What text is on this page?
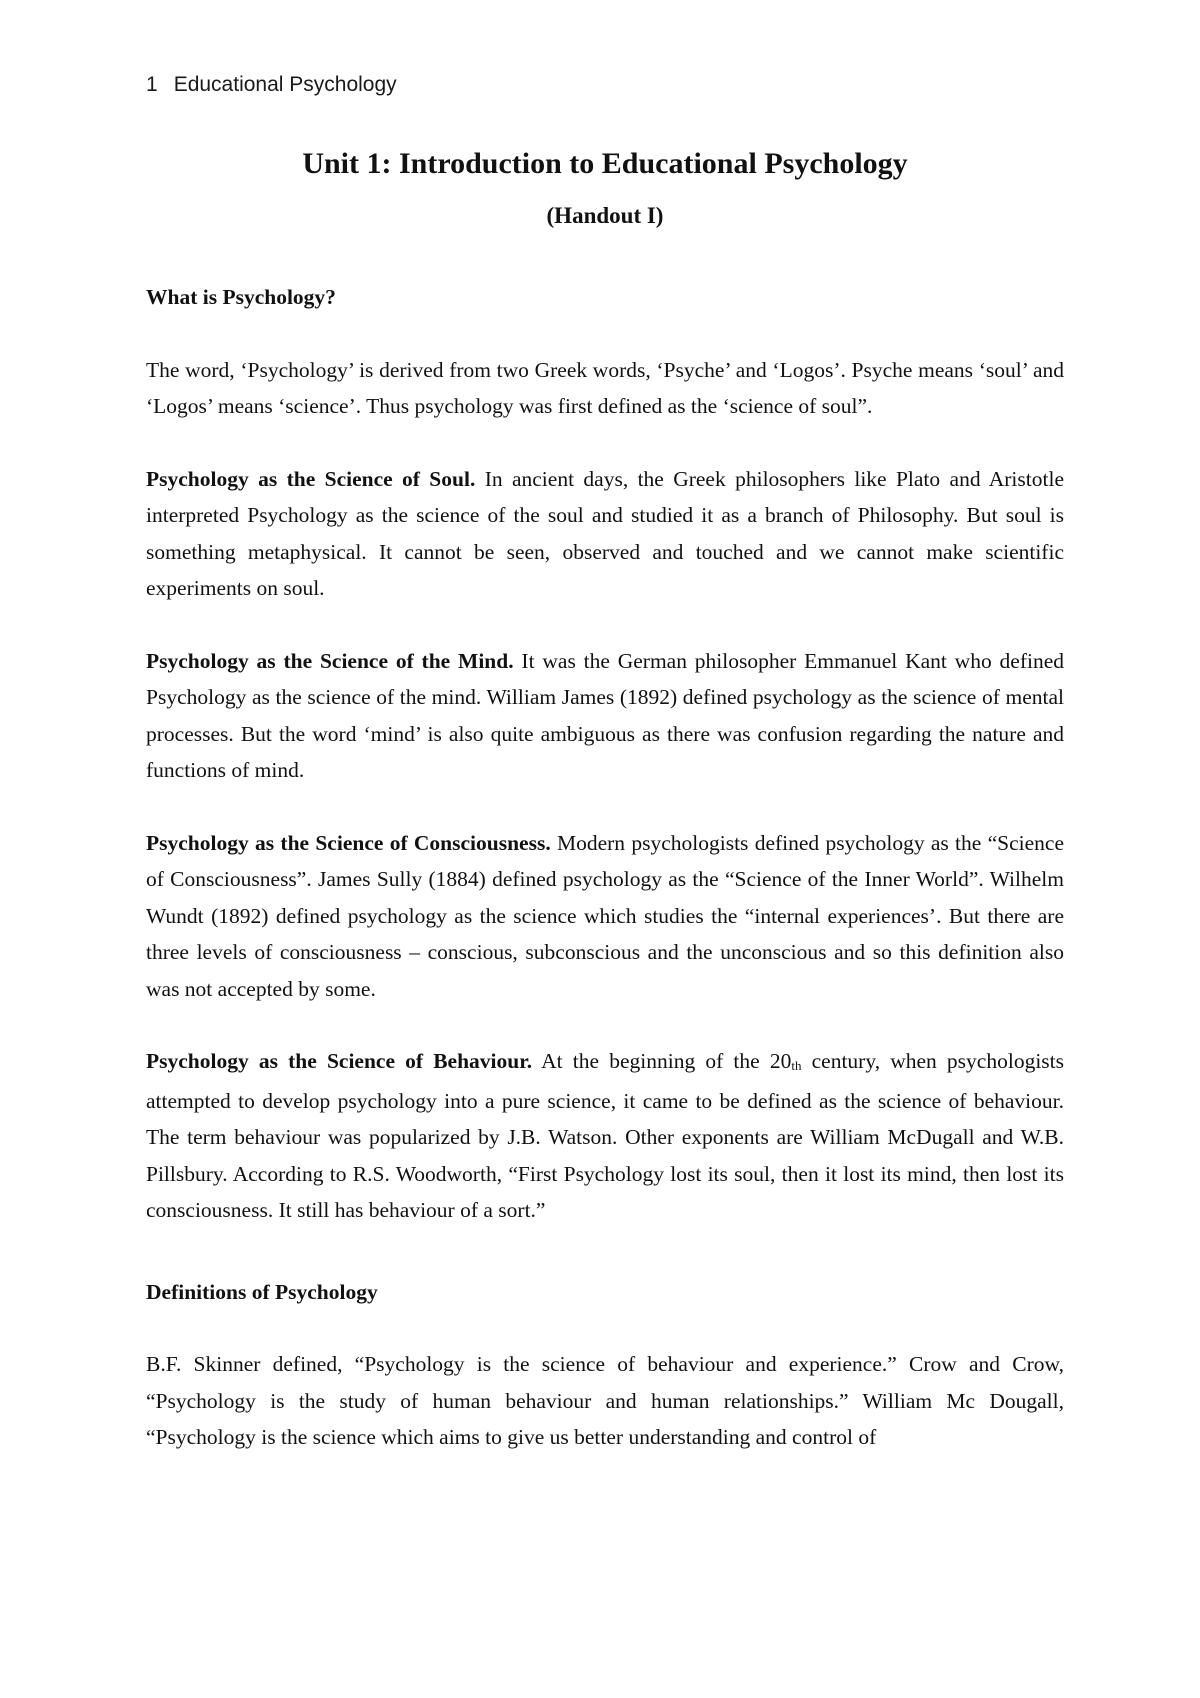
1 Educational Psychology
Unit 1: Introduction to Educational Psychology
(Handout I)
What is Psychology?

The word, ‘Psychology’ is derived from two Greek words, ‘Psyche’ and ‘Logos’. Psyche means ‘soul’ and ‘Logos’ means ‘science’. Thus psychology was first defined as the ‘science of soul”.

Psychology as the Science of Soul. In ancient days, the Greek philosophers like Plato and Aristotle interpreted Psychology as the science of the soul and studied it as a branch of Philosophy. But soul is something metaphysical. It cannot be seen, observed and touched and we cannot make scientific experiments on soul.

Psychology as the Science of the Mind. It was the German philosopher Emmanuel Kant who defined Psychology as the science of the mind. William James (1892) defined psychology as the science of mental processes. But the word ‘mind’ is also quite ambiguous as there was confusion regarding the nature and functions of mind.

Psychology as the Science of Consciousness. Modern psychologists defined psychology as the “Science of Consciousness”. James Sully (1884) defined psychology as the “Science of the Inner World”. Wilhelm Wundt (1892) defined psychology as the science which studies the “internal experiences’. But there are three levels of consciousness – conscious, subconscious and the unconscious and so this definition also was not accepted by some.

Psychology as the Science of Behaviour. At the beginning of the $20_{th}$ century, when psychologists attempted to develop psychology into a pure science, it came to be defined as the science of behaviour. The term behaviour was popularized by J.B. Watson. Other exponents are William McDugall and W.B. Pillsbury. According to R.S. Woodworth, “First Psychology lost its soul, then it lost its mind, then lost its consciousness. It still has behaviour of a sort.”

Definitions of Psychology

B.F. Skinner defined, “Psychology is the science of behaviour and experience.” Crow and Crow, “Psychology is the study of human behaviour and human relationships.” William Mc Dougall, “Psychology is the science which aims to give us better understanding and control of
